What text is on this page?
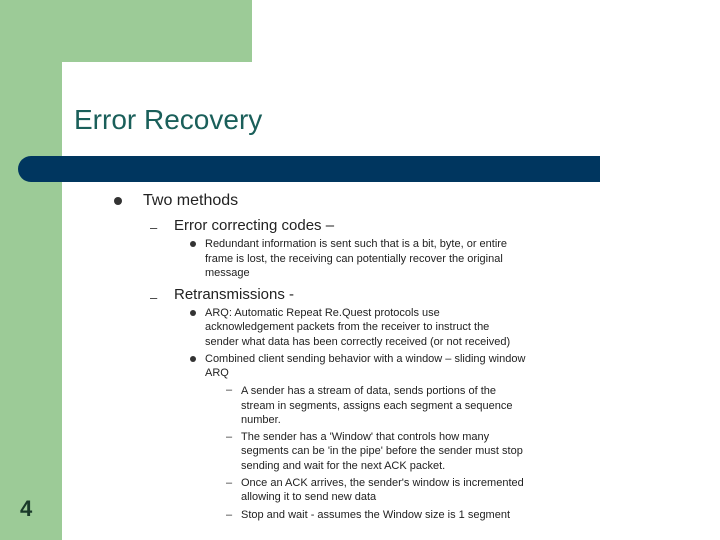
Error Recovery
Two methods
– Error correcting codes –
Redundant information is sent such that is a bit, byte, or entire
frame is lost, the receiving can potentially recover the original
message
– Retransmissions -
ARQ: Automatic Repeat Re.Quest protocols use
acknowledgement packets from the receiver to instruct the
sender what data has been correctly received (or not received)
Combined client sending behavior with a window – sliding window
ARQ
– A sender has a stream of data, sends portions of the
stream in segments, assigns each segment a sequence
number.
– The sender has a 'Window' that controls how many
segments can be 'in the pipe' before the sender must stop
sending and wait for the next ACK packet.
– Once an ACK arrives, the sender's window is incremented
allowing it to send new data
– Stop and wait - assumes the Window size is 1 segment
4
